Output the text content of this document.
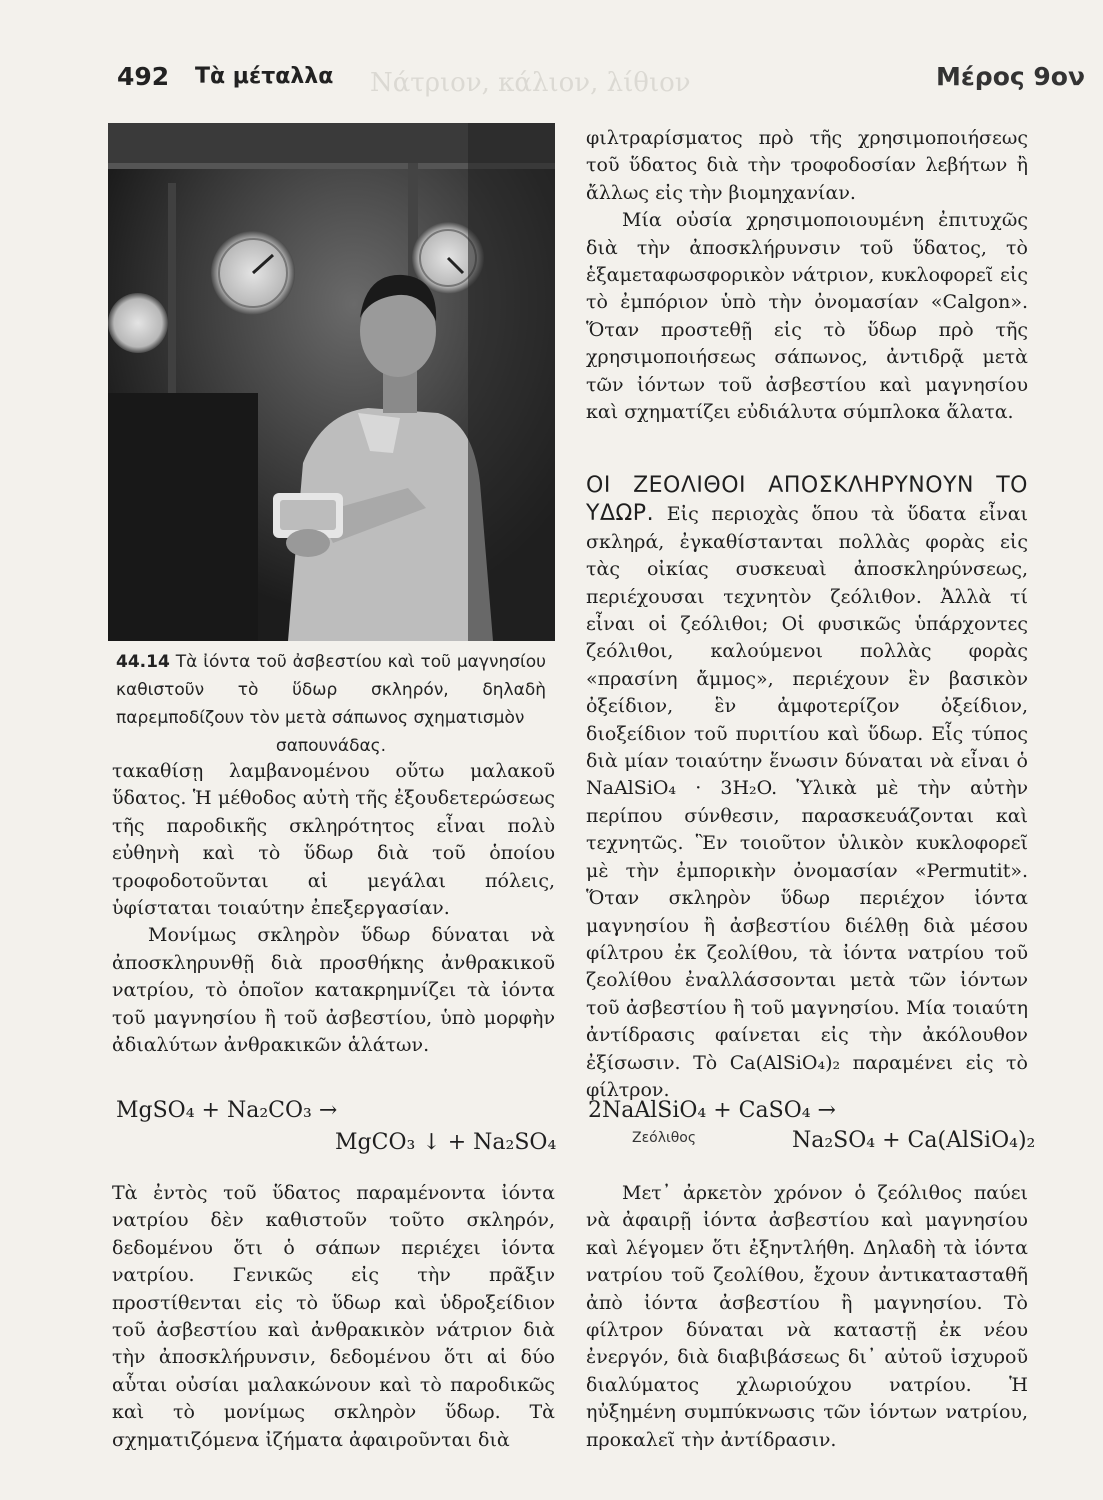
Νάτριον, κάλιον, λίθιον
492 Τὰ μέταλλα	Μέρος 9ον
44.14 Τὰ ἰόντα τοῦ ἀσβεστίου καὶ τοῦ μαγνησίου καθιστοῦν τὸ ὕδωρ σκληρόν, δηλαδὴ παρεμποδίζουν τὸν μετὰ σάπωνος σχηματισμὸν
σαπουνάδας.

τακαθίσῃ λαμβανομένου οὕτω μαλακοῦ ὕδατος. Ἡ μέθοδος αὐτὴ τῆς ἐξουδετερώσεως τῆς παροδικῆς σκληρότητος εἶναι πολὺ εὐθηνὴ καὶ τὸ ὕδωρ διὰ τοῦ ὁποίου τροφοδοτοῦνται αἱ μεγάλαι πόλεις, ὑφίσταται τοιαύτην ἐπεξεργασίαν.

Μονίμως σκληρὸν ὕδωρ δύναται νὰ ἀποσκληρυνθῇ διὰ προσθήκης ἀνθρακικοῦ νατρίου, τὸ ὁποῖον κατακρημνίζει τὰ ἰόντα τοῦ μαγνησίου ἢ τοῦ ἀσβεστίου, ὑπὸ μορφὴν ἀδιαλύτων ἀνθρακικῶν ἁλάτων.

MgSO₄ + Na₂CO₃ →
MgCO₃ ↓ + Na₂SO₄

Τὰ ἐντὸς τοῦ ὕδατος παραμένοντα ἰόντα νατρίου δὲν καθιστοῦν τοῦτο σκληρόν, δεδομένου ὅτι ὁ σάπων περιέχει ἰόντα νατρίου. Γενικῶς εἰς τὴν πρᾶξιν προστίθενται εἰς τὸ ὕδωρ καὶ ὑδροξείδιον τοῦ ἀσβεστίου καὶ ἀνθρακικὸν νάτριον διὰ τὴν ἀποσκλήρυνσιν, δεδομένου ὅτι αἱ δύο αὗται οὐσίαι μαλακώνουν καὶ τὸ παροδικῶς καὶ τὸ μονίμως σκληρὸν ὕδωρ. Τὰ σχηματιζόμενα ἰζήματα ἀφαιροῦνται διὰ

φιλτραρίσματος πρὸ τῆς χρησιμοποιήσεως τοῦ ὕδατος διὰ τὴν τροφοδοσίαν λεβήτων ἢ ἄλλως εἰς τὴν βιομηχανίαν.

Μία οὐσία χρησιμοποιουμένη ἐπιτυχῶς διὰ τὴν ἀποσκλήρυνσιν τοῦ ὕδατος, τὸ ἑξαμεταφωσφορικὸν νάτριον, κυκλοφορεῖ εἰς τὸ ἐμπόριον ὑπὸ τὴν ὀνομασίαν «Calgon». Ὅταν προστεθῇ εἰς τὸ ὕδωρ πρὸ τῆς χρησιμοποιήσεως σάπωνος, ἀντιδρᾷ μετὰ τῶν ἰόντων τοῦ ἀσβεστίου καὶ μαγνησίου καὶ σχηματίζει εὐδιάλυτα σύμπλοκα ἅλατα.

ΟΙ ΖΕΟΛΙΘΟΙ ΑΠΟΣΚΛΗΡΥΝΟΥΝ ΤΟ ΥΔΩΡ. Εἰς περιοχὰς ὅπου τὰ ὕδατα εἶναι σκληρά, ἐγκαθίστανται πολλὰς φορὰς εἰς τὰς οἰκίας συσκευαὶ ἀποσκληρύνσεως, περιέχουσαι τεχνητὸν ζεόλιθον. Ἀλλὰ τί εἶναι οἱ ζεόλιθοι; Οἱ φυσικῶς ὑπάρχοντες ζεόλιθοι, καλούμενοι πολλὰς φορὰς «πρασίνη ἄμμος», περιέχουν ἓν βασικὸν ὀξείδιον, ἓν ἀμφοτερίζον ὀξείδιον, διοξείδιον τοῦ πυριτίου καὶ ὕδωρ. Εἷς τύπος διὰ μίαν τοιαύτην ἕνωσιν δύναται νὰ εἶναι ὁ NaAlSiO₄ · 3H₂O. Ὑλικὰ μὲ τὴν αὐτὴν περίπου σύνθεσιν, παρασκευάζονται καὶ τεχνητῶς. Ἓν τοιοῦτον ὑλικὸν κυκλοφορεῖ μὲ τὴν ἐμπορικὴν ὀνομασίαν «Permutit». Ὅταν σκληρὸν ὕδωρ περιέχον ἰόντα μαγνησίου ἢ ἀσβεστίου διέλθῃ διὰ μέσου φίλτρου ἐκ ζεολίθου, τὰ ἰόντα νατρίου τοῦ ζεολίθου ἐναλλάσσονται μετὰ τῶν ἰόντων τοῦ ἀσβεστίου ἢ τοῦ μαγνησίου. Μία τοιαύτη ἀντίδρασις φαίνεται εἰς τὴν ἀκόλουθον ἐξίσωσιν. Τὸ Ca(AlSiO₄)₂ παραμένει εἰς τὸ φίλτρον.

2NaAlSiO₄ + CaSO₄ →
Ζεόλιθος	Na₂SO₄ + Ca(AlSiO₄)₂

Μετ᾽ ἀρκετὸν χρόνον ὁ ζεόλιθος παύει νὰ ἀφαιρῇ ἰόντα ἀσβεστίου καὶ μαγνησίου καὶ λέγομεν ὅτι ἐξηντλήθη. Δηλαδὴ τὰ ἰόντα νατρίου τοῦ ζεολίθου, ἔχουν ἀντικατασταθῆ ἀπὸ ἰόντα ἀσβεστίου ἢ μαγνησίου. Τὸ φίλτρον δύναται νὰ καταστῇ ἐκ νέου ἐνεργόν, διὰ διαβιβάσεως δι᾽ αὐτοῦ ἰσχυροῦ διαλύματος χλωριούχου νατρίου. Ἡ ηὐξημένη συμπύκνωσις τῶν ἰόντων νατρίου, προκαλεῖ τὴν ἀντίδρασιν.
